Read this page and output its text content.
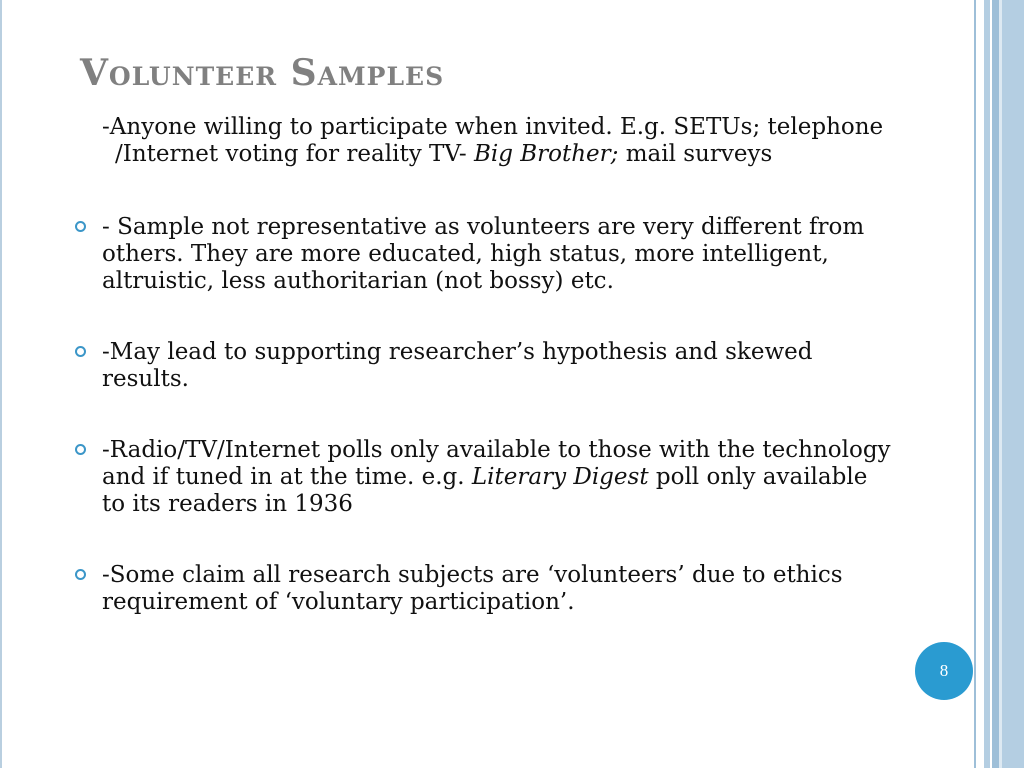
Volunteer Samples
-Anyone willing to participate when invited. E.g. SETUs; telephone /Internet voting for reality TV- Big Brother; mail surveys
- Sample not representative as volunteers are very different from others. They are more educated, high status, more intelligent, altruistic, less authoritarian (not bossy) etc.
-May lead to supporting researcher’s hypothesis and skewed results.
-Radio/TV/Internet polls only available to those with the technology and if tuned in at the time. e.g. Literary Digest poll only available to its readers in 1936
-Some claim all research subjects are ‘volunteers’ due to ethics requirement of ‘voluntary participation’.
8
